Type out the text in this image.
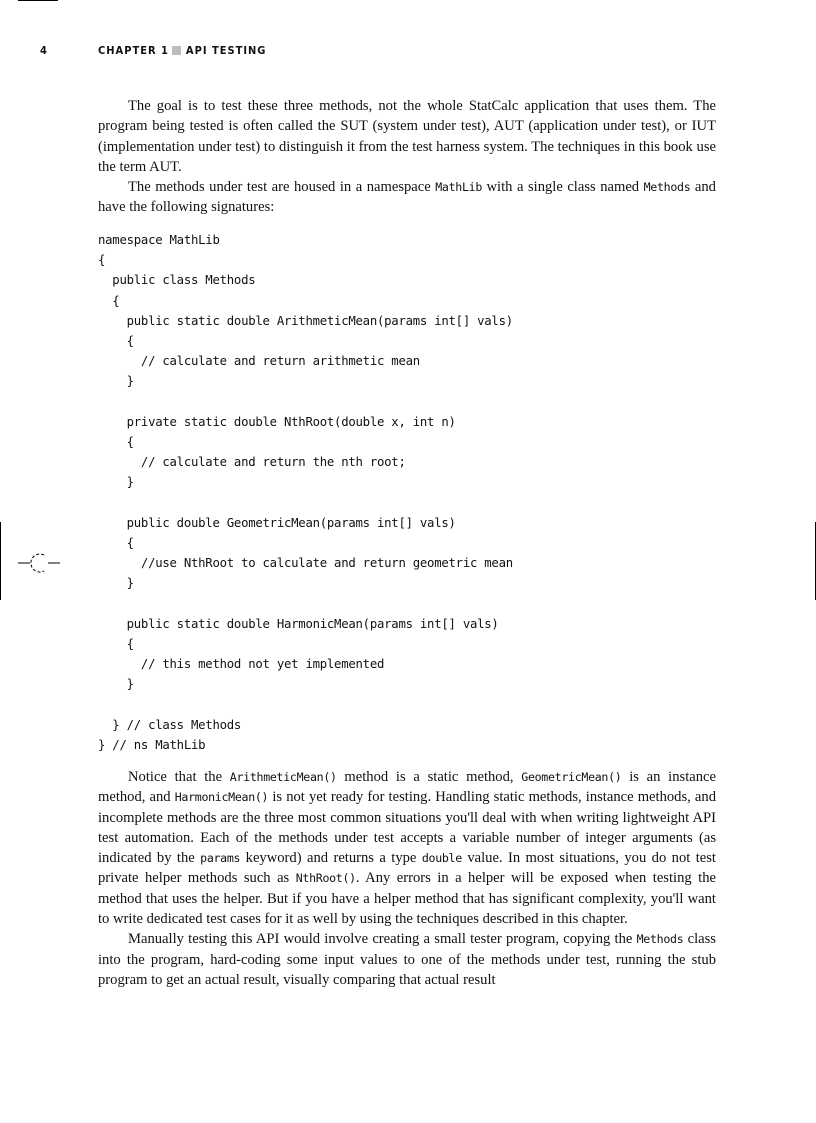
4	CHAPTER 1 API TESTING

The goal is to test these three methods, not the whole StatCalc application that uses them. The program being tested is often called the SUT (system under test), AUT (application under test), or IUT (implementation under test) to distinguish it from the test harness system. The techniques in this book use the term AUT.

The methods under test are housed in a namespace MathLib with a single class named Methods and have the following signatures:

namespace MathLib
{
public class Methods
{
public static double ArithmeticMean(params int[] vals)
{
// calculate and return arithmetic mean
}
private static double NthRoot(double x, int n)
{
// calculate and return the nth root;
}
public double GeometricMean(params int[] vals)
{
//use NthRoot to calculate and return geometric mean
}
public static double HarmonicMean(params int[] vals)
{
// this method not yet implemented
}
} // class Methods
} // ns MathLib

Notice that the ArithmeticMean() method is a static method, GeometricMean() is an instance method, and HarmonicMean() is not yet ready for testing. Handling static methods, instance methods, and incomplete methods are the three most common situations you'll deal with when writing lightweight API test automation. Each of the methods under test accepts a variable number of integer arguments (as indicated by the params keyword) and returns a type double value. In most situations, you do not test private helper methods such as NthRoot(). Any errors in a helper will be exposed when testing the method that uses the helper. But if you have a helper method that has significant complexity, you'll want to write dedicated test cases for it as well by using the techniques described in this chapter.

Manually testing this API would involve creating a small tester program, copying the Methods class into the program, hard-coding some input values to one of the methods under test, running the stub program to get an actual result, visually comparing that actual result
